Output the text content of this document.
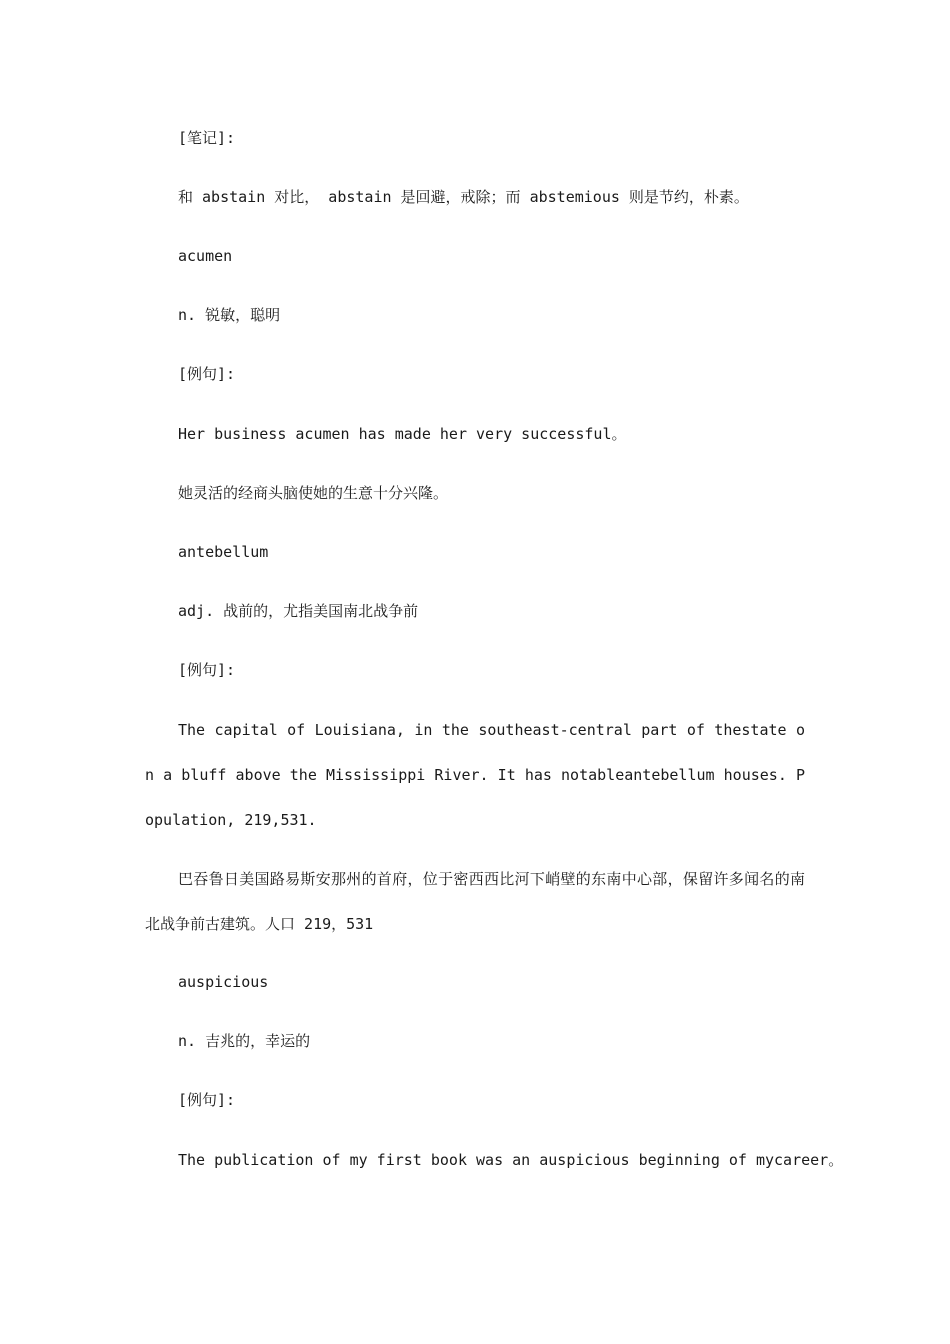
[笔记]:

和 abstain 对比， abstain 是回避，戒除；而 abstemious 则是节约，朴素。

acumen

n. 锐敏，聪明

[例句]:

Her business acumen has made her very successful。

她灵活的经商头脑使她的生意十分兴隆。

antebellum

adj. 战前的，尤指美国南北战争前

[例句]:

The capital of Louisiana, in the southeast-central part of thestate on a bluff above the Mississippi River. It has notableantebellum houses. Population, 219,531.

巴吞鲁日美国路易斯安那州的首府，位于密西西比河下峭壁的东南中心部，保留许多闻名的南北战争前古建筑。人口 219，531

auspicious

n. 吉兆的，幸运的

[例句]:

The publication of my first book was an auspicious beginning of mycareer。
